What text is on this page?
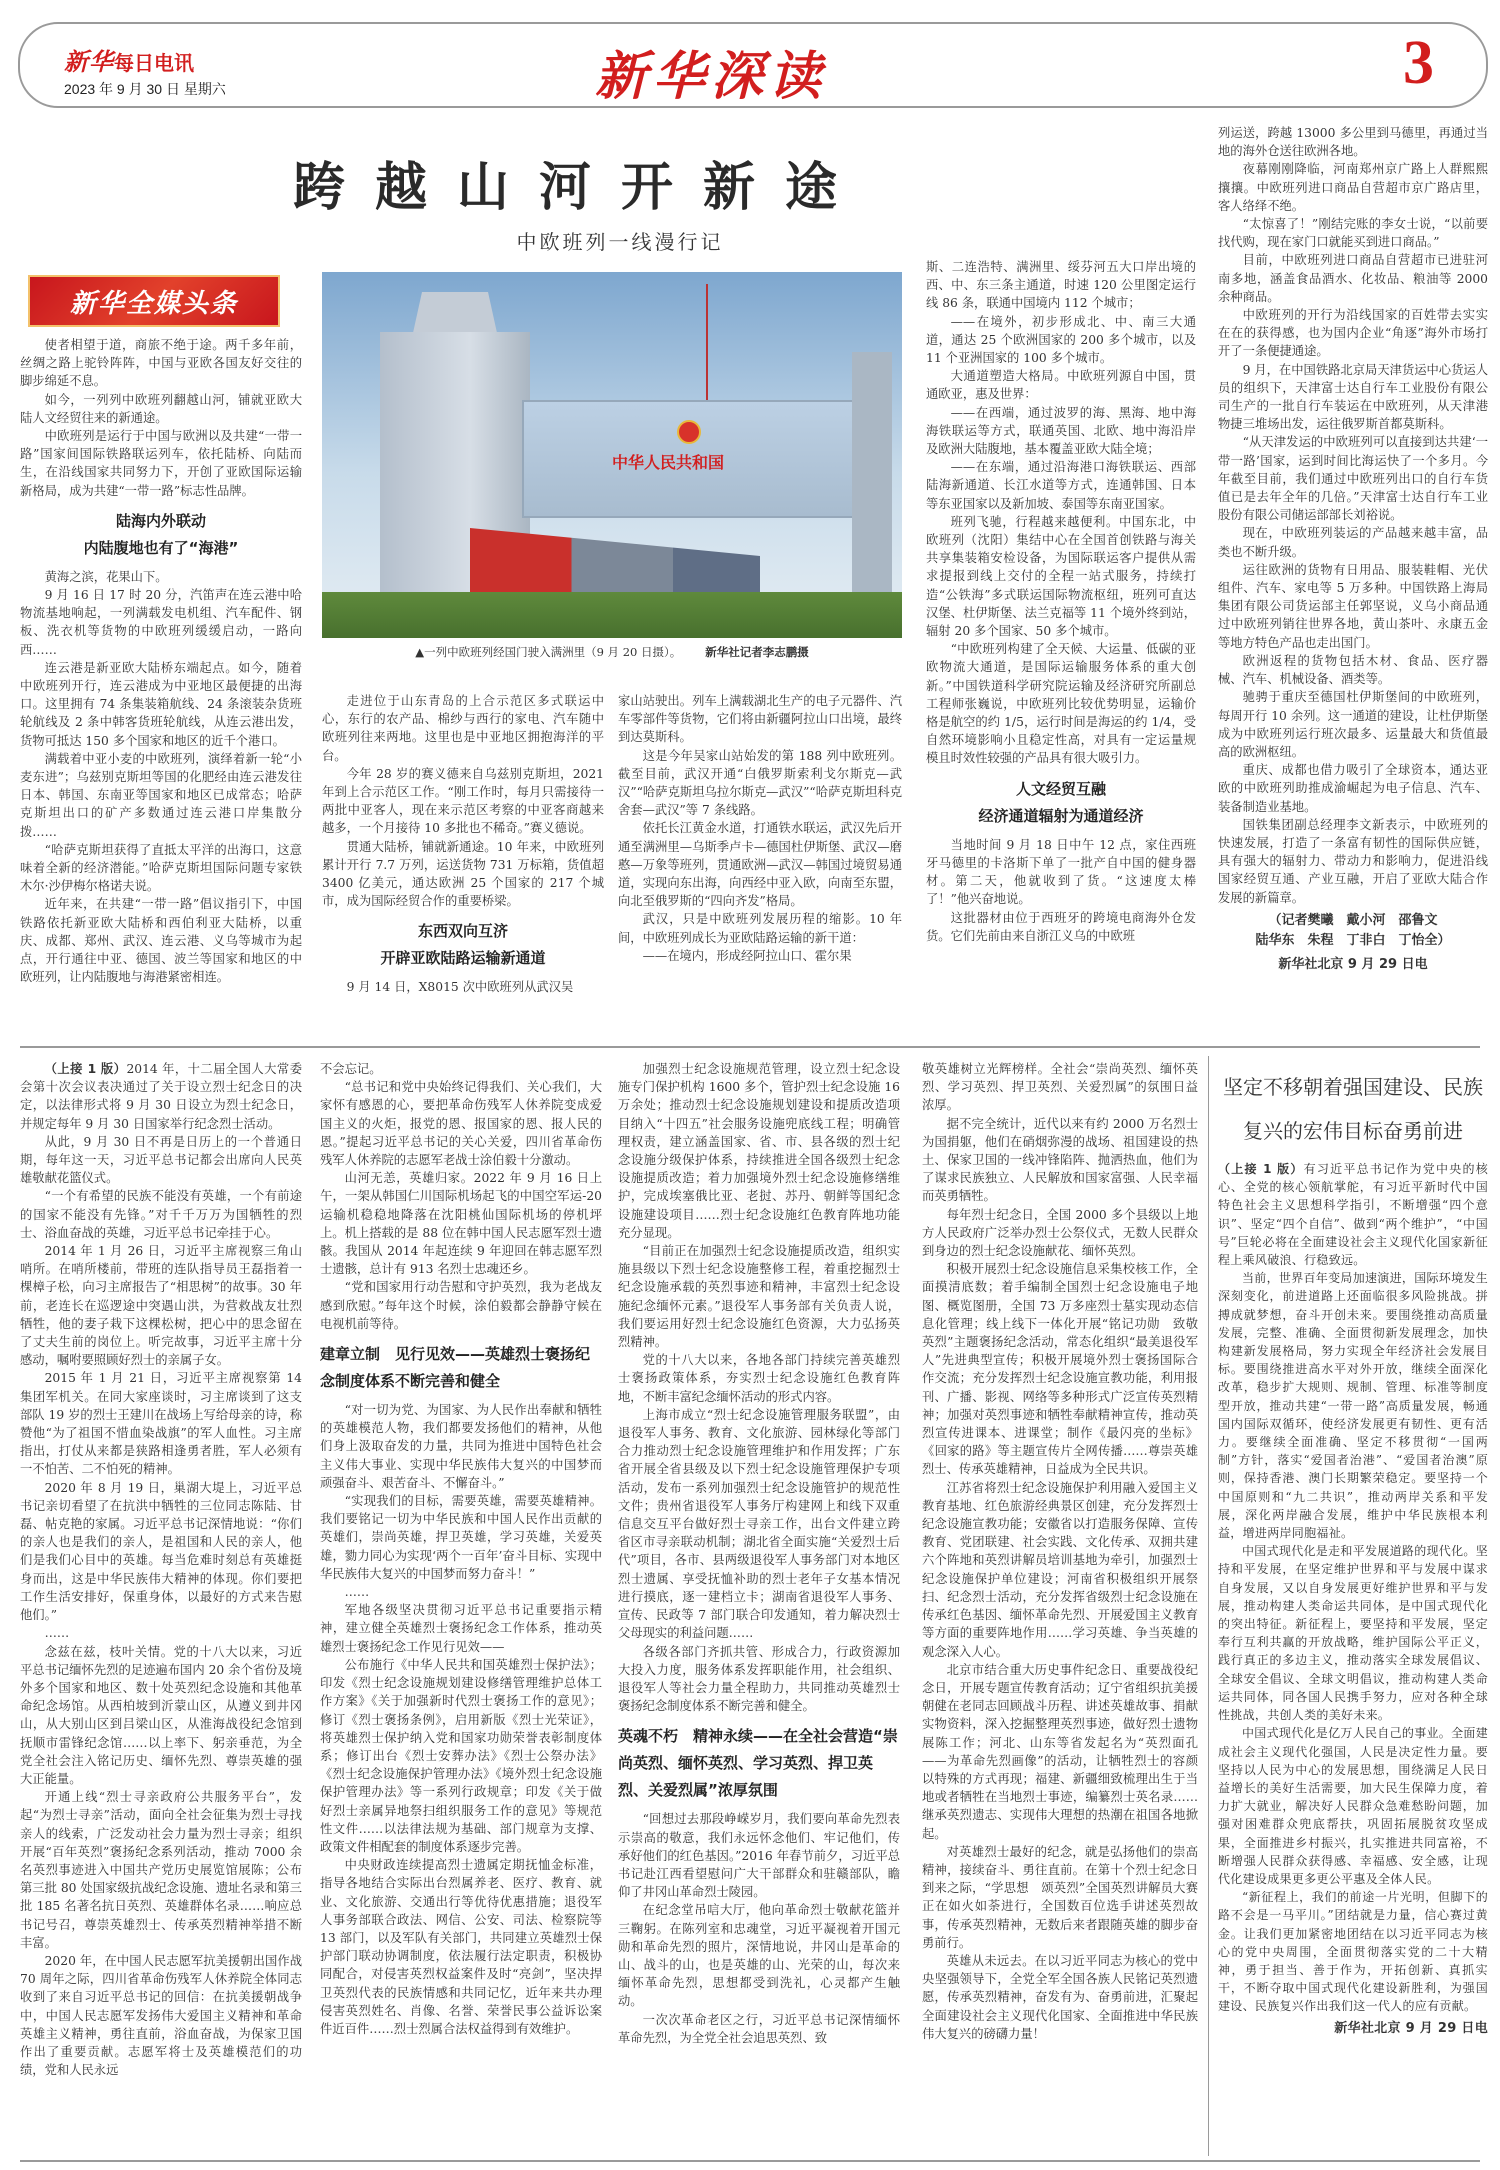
新华每日电讯
2023 年 9 月 30 日 星期六	新华深读	3
跨越山河开新途
中欧班列一线漫行记
新华全媒头条
中华人民共和国
▲一列中欧班列经国门驶入满洲里（9 月 20 日摄）。 新华社记者李志鹏摄

使者相望于道，商旅不绝于途。两千多年前，丝绸之路上驼铃阵阵，中国与亚欧各国友好交往的脚步绵延不息。

如今，一列列中欧班列翻越山河，铺就亚欧大陆人文经贸往来的新通途。

中欧班列是运行于中国与欧洲以及共建“一带一路”国家间国际铁路联运列车，依托陆桥、向陆而生，在沿线国家共同努力下，开创了亚欧国际运输新格局，成为共建“一带一路”标志性品牌。

陆海内外联动
内陆腹地也有了“海港”

黄海之滨，花果山下。

9 月 16 日 17 时 20 分，汽笛声在连云港中哈物流基地响起，一列满载发电机组、汽车配件、钢板、洗衣机等货物的中欧班列缓缓启动，一路向西……

连云港是新亚欧大陆桥东端起点。如今，随着中欧班列开行，连云港成为中亚地区最便捷的出海口。这里拥有 74 条集装箱航线、24 条滚装杂货班轮航线及 2 条中韩客货班轮航线，从连云港出发，货物可抵达 150 多个国家和地区的近千个港口。

满载着中亚小麦的中欧班列，演绎着新一轮“小麦东进”；乌兹别克斯坦等国的化肥经由连云港发往日本、韩国、东南亚等国家和地区已成常态；哈萨克斯坦出口的矿产多数通过连云港口岸集散分拨……

“哈萨克斯坦获得了直抵太平洋的出海口，这意味着全新的经济潜能。”哈萨克斯坦国际问题专家铁木尔·沙伊梅尔格诺夫说。

近年来，在共建“一带一路”倡议指引下，中国铁路依托新亚欧大陆桥和西伯利亚大陆桥，以重庆、成都、郑州、武汉、连云港、义乌等城市为起点，开行通往中亚、德国、波兰等国家和地区的中欧班列，让内陆腹地与海港紧密相连。

走进位于山东青岛的上合示范区多式联运中心，东行的农产品、棉纱与西行的家电、汽车随中欧班列往来两地。这里也是中亚地区拥抱海洋的平台。

今年 28 岁的赛义德来自乌兹别克斯坦，2021 年到上合示范区工作。“刚工作时，每月只需接待一两批中亚客人，现在来示范区考察的中亚客商越来越多，一个月接待 10 多批也不稀奇。”赛义德说。

贯通大陆桥，铺就新通途。10 年来，中欧班列累计开行 7.7 万列，运送货物 731 万标箱，货值超 3400 亿美元，通达欧洲 25 个国家的 217 个城市，成为国际经贸合作的重要桥梁。

东西双向互济
开辟亚欧陆路运输新通道

9 月 14 日，X8015 次中欧班列从武汉吴

家山站驶出。列车上满载湖北生产的电子元器件、汽车零部件等货物，它们将由新疆阿拉山口出境，最终到达莫斯科。

这是今年吴家山站始发的第 188 列中欧班列。截至目前，武汉开通“白俄罗斯索利戈尔斯克—武汉”“哈萨克斯坦乌拉尔斯克—武汉”“哈萨克斯坦科克舍套—武汉”等 7 条线路。

依托长江黄金水道，打通铁水联运，武汉先后开通至满洲里—乌斯季卢卡—德国杜伊斯堡、武汉—磨憨—万象等班列，贯通欧洲—武汉—韩国过境贸易通道，实现向东出海，向西经中亚入欧，向南至东盟，向北至俄罗斯的“四向齐发”格局。

武汉，只是中欧班列发展历程的缩影。10 年间，中欧班列成长为亚欧陆路运输的新干道：

——在境内，形成经阿拉山口、霍尔果

斯、二连浩特、满洲里、绥芬河五大口岸出境的西、中、东三条主通道，时速 120 公里图定运行线 86 条，联通中国境内 112 个城市；

——在境外，初步形成北、中、南三大通道，通达 25 个欧洲国家的 200 多个城市，以及 11 个亚洲国家的 100 多个城市。

大通道塑造大格局。中欧班列源自中国，贯通欧亚，惠及世界：

——在西端，通过波罗的海、黑海、地中海海铁联运等方式，联通英国、北欧、地中海沿岸及欧洲大陆腹地，基本覆盖亚欧大陆全境；

——在东端，通过沿海港口海铁联运、西部陆海新通道、长江水道等方式，连通韩国、日本等东亚国家以及新加坡、泰国等东南亚国家。

班列飞驰，行程越来越便利。中国东北，中欧班列（沈阳）集结中心在全国首创铁路与海关共享集装箱安检设备，为国际联运客户提供从需求提报到线上交付的全程一站式服务，持续打造“公铁海”多式联运国际物流枢纽，班列可直达汉堡、杜伊斯堡、法兰克福等 11 个境外终到站，辐射 20 多个国家、50 多个城市。

“中欧班列构建了全天候、大运量、低碳的亚欧物流大通道，是国际运输服务体系的重大创新。”中国铁道科学研究院运输及经济研究所副总工程师张巍说，中欧班列比较优势明显，运输价格是航空的约 1/5，运行时间是海运的约 1/4，受自然环境影响小且稳定性高，对具有一定运量规模且时效性较强的产品具有很大吸引力。

人文经贸互融
经济通道辐射为通道经济

当地时间 9 月 18 日中午 12 点，家住西班牙马德里的卡洛斯下单了一批产自中国的健身器材。第二天，他就收到了货。“这速度太棒了！”他兴奋地说。

这批器材由位于西班牙的跨境电商海外仓发货。它们先前由来自浙江义乌的中欧班

列运送，跨越 13000 多公里到马德里，再通过当地的海外仓送往欧洲各地。

夜幕刚刚降临，河南郑州京广路上人群熙熙攘攘。中欧班列进口商品自营超市京广路店里，客人络绎不绝。

“太惊喜了！”刚结完账的李女士说，“以前要找代购，现在家门口就能买到进口商品。”

目前，中欧班列进口商品自营超市已进驻河南多地，涵盖食品酒水、化妆品、粮油等 2000 余种商品。

中欧班列的开行为沿线国家的百姓带去实实在在的获得感，也为国内企业“角逐”海外市场打开了一条便捷通途。

9 月，在中国铁路北京局天津货运中心货运人员的组织下，天津富士达自行车工业股份有限公司生产的一批自行车装运在中欧班列，从天津港物捷三堆场出发，运往俄罗斯首都莫斯科。

“从天津发运的中欧班列可以直接到达共建‘一带一路’国家，运到时间比海运快了一个多月。今年截至目前，我们通过中欧班列出口的自行车货值已是去年全年的几倍。”天津富士达自行车工业股份有限公司储运部部长刘裕说。

现在，中欧班列装运的产品越来越丰富，品类也不断升级。

运往欧洲的货物有日用品、服装鞋帽、光伏组件、汽车、家电等 5 万多种。中国铁路上海局集团有限公司货运部主任郭坚说，义乌小商品通过中欧班列销往世界各地，黄山茶叶、永康五金等地方特色产品也走出国门。

欧洲返程的货物包括木材、食品、医疗器械、汽车、机械设备、酒类等。

驰骋于重庆至德国杜伊斯堡间的中欧班列，每周开行 10 余列。这一通道的建设，让杜伊斯堡成为中欧班列运行班次最多、运量最大和货值最高的欧洲枢纽。

重庆、成都也借力吸引了全球资本，通达亚欧的中欧班列助推成渝崛起为电子信息、汽车、装备制造业基地。

国铁集团副总经理李文新表示，中欧班列的快速发展，打造了一条富有韧性的国际供应链，具有强大的辐射力、带动力和影响力，促进沿线国家经贸互通、产业互融，开启了亚欧大陆合作发展的新篇章。

（记者樊曦　戴小河　邵鲁文
陆华东　朱程　丁非白　丁怡全）
新华社北京 9 月 29 日电

（上接 1 版）2014 年，十二届全国人大常委会第十次会议表决通过了关于设立烈士纪念日的决定，以法律形式将 9 月 30 日设立为烈士纪念日，并规定每年 9 月 30 日国家举行纪念烈士活动。

从此，9 月 30 日不再是日历上的一个普通日期，每年这一天，习近平总书记都会出席向人民英雄敬献花篮仪式。

“一个有希望的民族不能没有英雄，一个有前途的国家不能没有先锋。”对千千万万为国牺牲的烈士、浴血奋战的英雄，习近平总书记牵挂于心。

2014 年 1 月 26 日，习近平主席视察三角山哨所。在哨所楼前，带班的连队指导员王磊指着一棵樟子松，向习主席报告了“相思树”的故事。30 年前，老连长在巡逻途中突遇山洪，为营救战友壮烈牺牲，他的妻子栽下这棵松树，把心中的思念留在了丈夫生前的岗位上。听完故事，习近平主席十分感动，嘱咐要照顾好烈士的亲属子女。

2015 年 1 月 21 日，习近平主席视察第 14 集团军机关。在同大家座谈时，习主席谈到了这支部队 19 岁的烈士王建川在战场上写给母亲的诗，称赞他“为了祖国不惜血染战旗”的军人血性。习主席指出，打仗从来都是狭路相逢勇者胜，军人必须有一不怕苦、二不怕死的精神。

2020 年 8 月 19 日，巢湖大堤上，习近平总书记亲切看望了在抗洪中牺牲的三位同志陈陆、甘磊、帖克艳的家属。习近平总书记深情地说：“你们的亲人也是我们的亲人，是祖国和人民的亲人，他们是我们心目中的英雄。每当危难时刻总有英雄挺身而出，这是中华民族伟大精神的体现。你们要把工作生活安排好，保重身体，以最好的方式来告慰他们。”

……

念兹在兹，枝叶关情。党的十八大以来，习近平总书记缅怀先烈的足迹遍布国内 20 余个省份及境外多个国家和地区、数十处英烈纪念设施和其他革命纪念场馆。从西柏坡到沂蒙山区，从遵义到井冈山，从大别山区到吕梁山区，从淮海战役纪念馆到抚顺市雷锋纪念馆……以上率下、躬亲垂范，为全党全社会注入铭记历史、缅怀先烈、尊崇英雄的强大正能量。

开通上线“烈士寻亲政府公共服务平台”，发起“为烈士寻亲”活动，面向全社会征集为烈士寻找亲人的线索，广泛发动社会力量为烈士寻亲；组织开展“百年英烈”褒扬纪念系列活动，推动 7000 余名英烈事迹进入中国共产党历史展览馆展陈；公布第三批 80 处国家级抗战纪念设施、遗址名录和第三批 185 名著名抗日英烈、英雄群体名录……响应总书记号召，尊崇英雄烈士、传承英烈精神举措不断丰富。

2020 年，在中国人民志愿军抗美援朝出国作战 70 周年之际，四川省革命伤残军人休养院全体同志收到了来自习近平总书记的回信：在抗美援朝战争中，中国人民志愿军发扬伟大爱国主义精神和革命英雄主义精神，勇往直前，浴血奋战，为保家卫国作出了重要贡献。志愿军将士及英雄模范们的功绩，党和人民永远

不会忘记。

“总书记和党中央始终记得我们、关心我们，大家怀有感恩的心，要把革命伤残军人休养院变成爱国主义的火炬，报党的恩、报国家的恩、报人民的恩。”提起习近平总书记的关心关爱，四川省革命伤残军人休养院的志愿军老战士涂伯毅十分激动。

山河无恙，英雄归家。2022 年 9 月 16 日上午，一架从韩国仁川国际机场起飞的中国空军运-20 运输机稳稳地降落在沈阳桃仙国际机场的停机坪上。机上搭载的是 88 位在韩中国人民志愿军烈士遗骸。我国从 2014 年起连续 9 年迎回在韩志愿军烈士遗骸，总计有 913 名烈士忠魂还乡。

“党和国家用行动告慰和守护英烈，我为老战友感到欣慰。”每年这个时候，涂伯毅都会静静守候在电视机前等待。

建章立制　见行见效——英雄烈士褒扬纪念制度体系不断完善和健全

“对一切为党、为国家、为人民作出奉献和牺牲的英雄模范人物，我们都要发扬他们的精神，从他们身上汲取奋发的力量，共同为推进中国特色社会主义伟大事业、实现中华民族伟大复兴的中国梦而顽强奋斗、艰苦奋斗、不懈奋斗。”

“实现我们的目标，需要英雄，需要英雄精神。我们要铭记一切为中华民族和中国人民作出贡献的英雄们，崇尚英雄，捍卫英雄，学习英雄，关爱英雄，勠力同心为实现‘两个一百年’奋斗目标、实现中华民族伟大复兴的中国梦而努力奋斗！”

……

军地各级坚决贯彻习近平总书记重要指示精神，建立健全英雄烈士褒扬纪念工作体系，推动英雄烈士褒扬纪念工作见行见效——

公布施行《中华人民共和国英雄烈士保护法》；印发《烈士纪念设施规划建设修缮管理维护总体工作方案》《关于加强新时代烈士褒扬工作的意见》；修订《烈士褒扬条例》，启用新版《烈士光荣证》，将英雄烈士保护纳入党和国家功勋荣誉表彰制度体系；修订出台《烈士安葬办法》《烈士公祭办法》《烈士纪念设施保护管理办法》《境外烈士纪念设施保护管理办法》等一系列行政规章；印发《关于做好烈士亲属异地祭扫组织服务工作的意见》等规范性文件……以法律法规为基础、部门规章为支撑、政策文件相配套的制度体系逐步完善。

中央财政连续提高烈士遗属定期抚恤金标准，指导各地结合实际出台烈属养老、医疗、教育、就业、文化旅游、交通出行等优待优惠措施；退役军人事务部联合政法、网信、公安、司法、检察院等 13 部门，以及军队有关部门，共同建立英雄烈士保护部门联动协调制度，依法履行法定职责，积极协同配合，对侵害英烈权益案件及时“亮剑”，坚决捍卫英烈代表的民族情感和共同记忆，近年来共办理侵害英烈姓名、肖像、名誉、荣誉民事公益诉讼案件近百件……烈士烈属合法权益得到有效维护。

加强烈士纪念设施规范管理，设立烈士纪念设施专门保护机构 1600 多个，管护烈士纪念设施 16 万余处；推动烈士纪念设施规划建设和提质改造项目纳入“十四五”社会服务设施兜底线工程；明确管理权责，建立涵盖国家、省、市、县各级的烈士纪念设施分级保护体系，持续推进全国各级烈士纪念设施提质改造；着力加强境外烈士纪念设施修缮维护，完成埃塞俄比亚、老挝、苏丹、朝鲜等国纪念设施建设项目……烈士纪念设施红色教育阵地功能充分显现。

“目前正在加强烈士纪念设施提质改造，组织实施县级以下烈士纪念设施整修工程，着重挖掘烈士纪念设施承载的英烈事迹和精神，丰富烈士纪念设施纪念缅怀元素。”退役军人事务部有关负责人说，我们要运用好烈士纪念设施红色资源，大力弘扬英烈精神。

党的十八大以来，各地各部门持续完善英雄烈士褒扬政策体系，夯实烈士纪念设施红色教育阵地，不断丰富纪念缅怀活动的形式内容。

上海市成立“烈士纪念设施管理服务联盟”，由退役军人事务、教育、文化旅游、园林绿化等部门合力推动烈士纪念设施管理维护和作用发挥；广东省开展全省县级及以下烈士纪念设施管理保护专项活动，发布一系列加强烈士纪念设施管护的规范性文件；贵州省退役军人事务厅构建网上和线下双重信息交互平台做好烈士寻亲工作，出台文件建立跨省区市寻亲联动机制；湖北省全面实施“关爱烈士后代”项目，各市、县两级退役军人事务部门对本地区烈士遗属、享受抚恤补助的烈士老年子女基本情况进行摸底，逐一建档立卡；湖南省退役军人事务、宣传、民政等 7 部门联合印发通知，着力解决烈士父母现实的利益问题……

各级各部门齐抓共管、形成合力，行政资源加大投入力度，服务体系发挥职能作用，社会组织、退役军人等社会力量全程助力，共同推动英雄烈士褒扬纪念制度体系不断完善和健全。

英魂不朽　精神永续——在全社会营造“崇尚英烈、缅怀英烈、学习英烈、捍卫英烈、关爱烈属”浓厚氛围

“回想过去那段峥嵘岁月，我们要向革命先烈表示崇高的敬意，我们永远怀念他们、牢记他们，传承好他们的红色基因。”2016 年春节前夕，习近平总书记赴江西看望慰问广大干部群众和驻赣部队，瞻仰了井冈山革命烈士陵园。

在纪念堂吊唁大厅，他向革命烈士敬献花篮并三鞠躬。在陈列室和忠魂堂，习近平凝视着开国元勋和革命先烈的照片，深情地说，井冈山是革命的山、战斗的山，也是英雄的山、光荣的山，每次来缅怀革命先烈，思想都受到洗礼，心灵都产生触动。

一次次革命老区之行，习近平总书记深情缅怀革命先烈，为全党全社会追思英烈、致

敬英雄树立光辉榜样。全社会“崇尚英烈、缅怀英烈、学习英烈、捍卫英烈、关爱烈属”的氛围日益浓厚。

据不完全统计，近代以来有约 2000 万名烈士为国捐躯，他们在硝烟弥漫的战场、祖国建设的热土、保家卫国的一线冲锋陷阵、抛洒热血，他们为了谋求民族独立、人民解放和国家富强、人民幸福而英勇牺牲。

每年烈士纪念日，全国 2000 多个县级以上地方人民政府广泛举办烈士公祭仪式，无数人民群众到身边的烈士纪念设施献花、缅怀英烈。

积极开展烈士纪念设施信息采集校核工作，全面摸清底数；着手编制全国烈士纪念设施电子地图、概览图册，全国 73 万多座烈士墓实现动态信息化管理；线上线下一体化开展“铭记功勋　致敬英烈”主题褒扬纪念活动，常态化组织“最美退役军人”先进典型宣传；积极开展境外烈士褒扬国际合作交流；充分发挥烈士纪念设施宣教功能，利用报刊、广播、影视、网络等多种形式广泛宣传英烈精神；加强对英烈事迹和牺牲奉献精神宣传，推动英烈宣传进课本、进课堂；制作《最闪亮的坐标》《回家的路》等主题宣传片全网传播……尊崇英雄烈士、传承英雄精神，日益成为全民共识。

江苏省将烈士纪念设施保护利用融入爱国主义教育基地、红色旅游经典景区创建，充分发挥烈士纪念设施宣教功能；安徽省以打造服务保障、宣传教育、党团联建、社会实践、文化传承、双拥共建六个阵地和英烈讲解员培训基地为牵引，加强烈士纪念设施保护单位建设；河南省积极组织开展祭扫、纪念烈士活动，充分发挥省级烈士纪念设施在传承红色基因、缅怀革命先烈、开展爱国主义教育等方面的重要阵地作用……学习英雄、争当英雄的观念深入人心。

北京市结合重大历史事件纪念日、重要战役纪念日，开展专题宣传教育活动；辽宁省组织抗美援朝健在老同志回顾战斗历程、讲述英雄故事、捐献实物资料，深入挖掘整理英烈事迹，做好烈士遗物展陈工作；河北、山东等省发起名为“英烈面孔——为革命先烈画像”的活动，让牺牲烈士的容颜以特殊的方式再现；福建、新疆细致梳理出生于当地或者牺牲在当地烈士事迹，编纂烈士英名录……继承英烈遗志、实现伟大理想的热潮在祖国各地掀起。

对英雄烈士最好的纪念，就是弘扬他们的崇高精神，接续奋斗、勇往直前。在第十个烈士纪念日到来之际，“学思想　颂英烈”全国英烈讲解员大赛正在如火如荼进行，全国数百位选手讲述英烈故事，传承英烈精神，无数后来者跟随英雄的脚步奋勇前行。

英雄从未远去。在以习近平同志为核心的党中央坚强领导下，全党全军全国各族人民铭记英烈遗愿，传承英烈精神，奋发有为、奋勇前进，汇聚起全面建设社会主义现代化国家、全面推进中华民族伟大复兴的磅礴力量！

坚定不移朝着强国建设、民族
复兴的宏伟目标奋勇前进

（上接 1 版）有习近平总书记作为党中央的核心、全党的核心领航掌舵，有习近平新时代中国特色社会主义思想科学指引，不断增强“四个意识”、坚定“四个自信”、做到“两个维护”，“中国号”巨轮必将在全面建设社会主义现代化国家新征程上乘风破浪、行稳致远。

当前，世界百年变局加速演进，国际环境发生深刻变化，前进道路上还面临很多风险挑战。拼搏成就梦想，奋斗开创未来。要围绕推动高质量发展，完整、准确、全面贯彻新发展理念，加快构建新发展格局，努力实现全年经济社会发展目标。要围绕推进高水平对外开放，继续全面深化改革，稳步扩大规则、规制、管理、标准等制度型开放，推动共建“一带一路”高质量发展，畅通国内国际双循环，使经济发展更有韧性、更有活力。要继续全面准确、坚定不移贯彻“一国两制”方针，落实“爱国者治港”、“爱国者治澳”原则，保持香港、澳门长期繁荣稳定。要坚持一个中国原则和“九二共识”，推动两岸关系和平发展，深化两岸融合发展，维护中华民族根本利益，增进两岸同胞福祉。

中国式现代化是走和平发展道路的现代化。坚持和平发展，在坚定维护世界和平与发展中谋求自身发展，又以自身发展更好维护世界和平与发展，推动构建人类命运共同体，是中国式现代化的突出特征。新征程上，要坚持和平发展，坚定奉行互利共赢的开放战略，维护国际公平正义，践行真正的多边主义，推动落实全球发展倡议、全球安全倡议、全球文明倡议，推动构建人类命运共同体，同各国人民携手努力，应对各种全球性挑战，共创人类的美好未来。

中国式现代化是亿万人民自己的事业。全面建成社会主义现代化强国，人民是决定性力量。要坚持以人民为中心的发展思想，围绕满足人民日益增长的美好生活需要，加大民生保障力度，着力扩大就业，解决好人民群众急难愁盼问题，加强对困难群众兜底帮扶，巩固拓展脱贫攻坚成果，全面推进乡村振兴，扎实推进共同富裕，不断增强人民群众获得感、幸福感、安全感，让现代化建设成果更多更公平惠及全体人民。

“新征程上，我们的前途一片光明，但脚下的路不会是一马平川。”团结就是力量，信心赛过黄金。让我们更加紧密地团结在以习近平同志为核心的党中央周围，全面贯彻落实党的二十大精神，勇于担当、善于作为，开拓创新、真抓实干，不断夺取中国式现代化建设新胜利，为强国建设、民族复兴作出我们这一代人的应有贡献。

新华社北京 9 月 29 日电
